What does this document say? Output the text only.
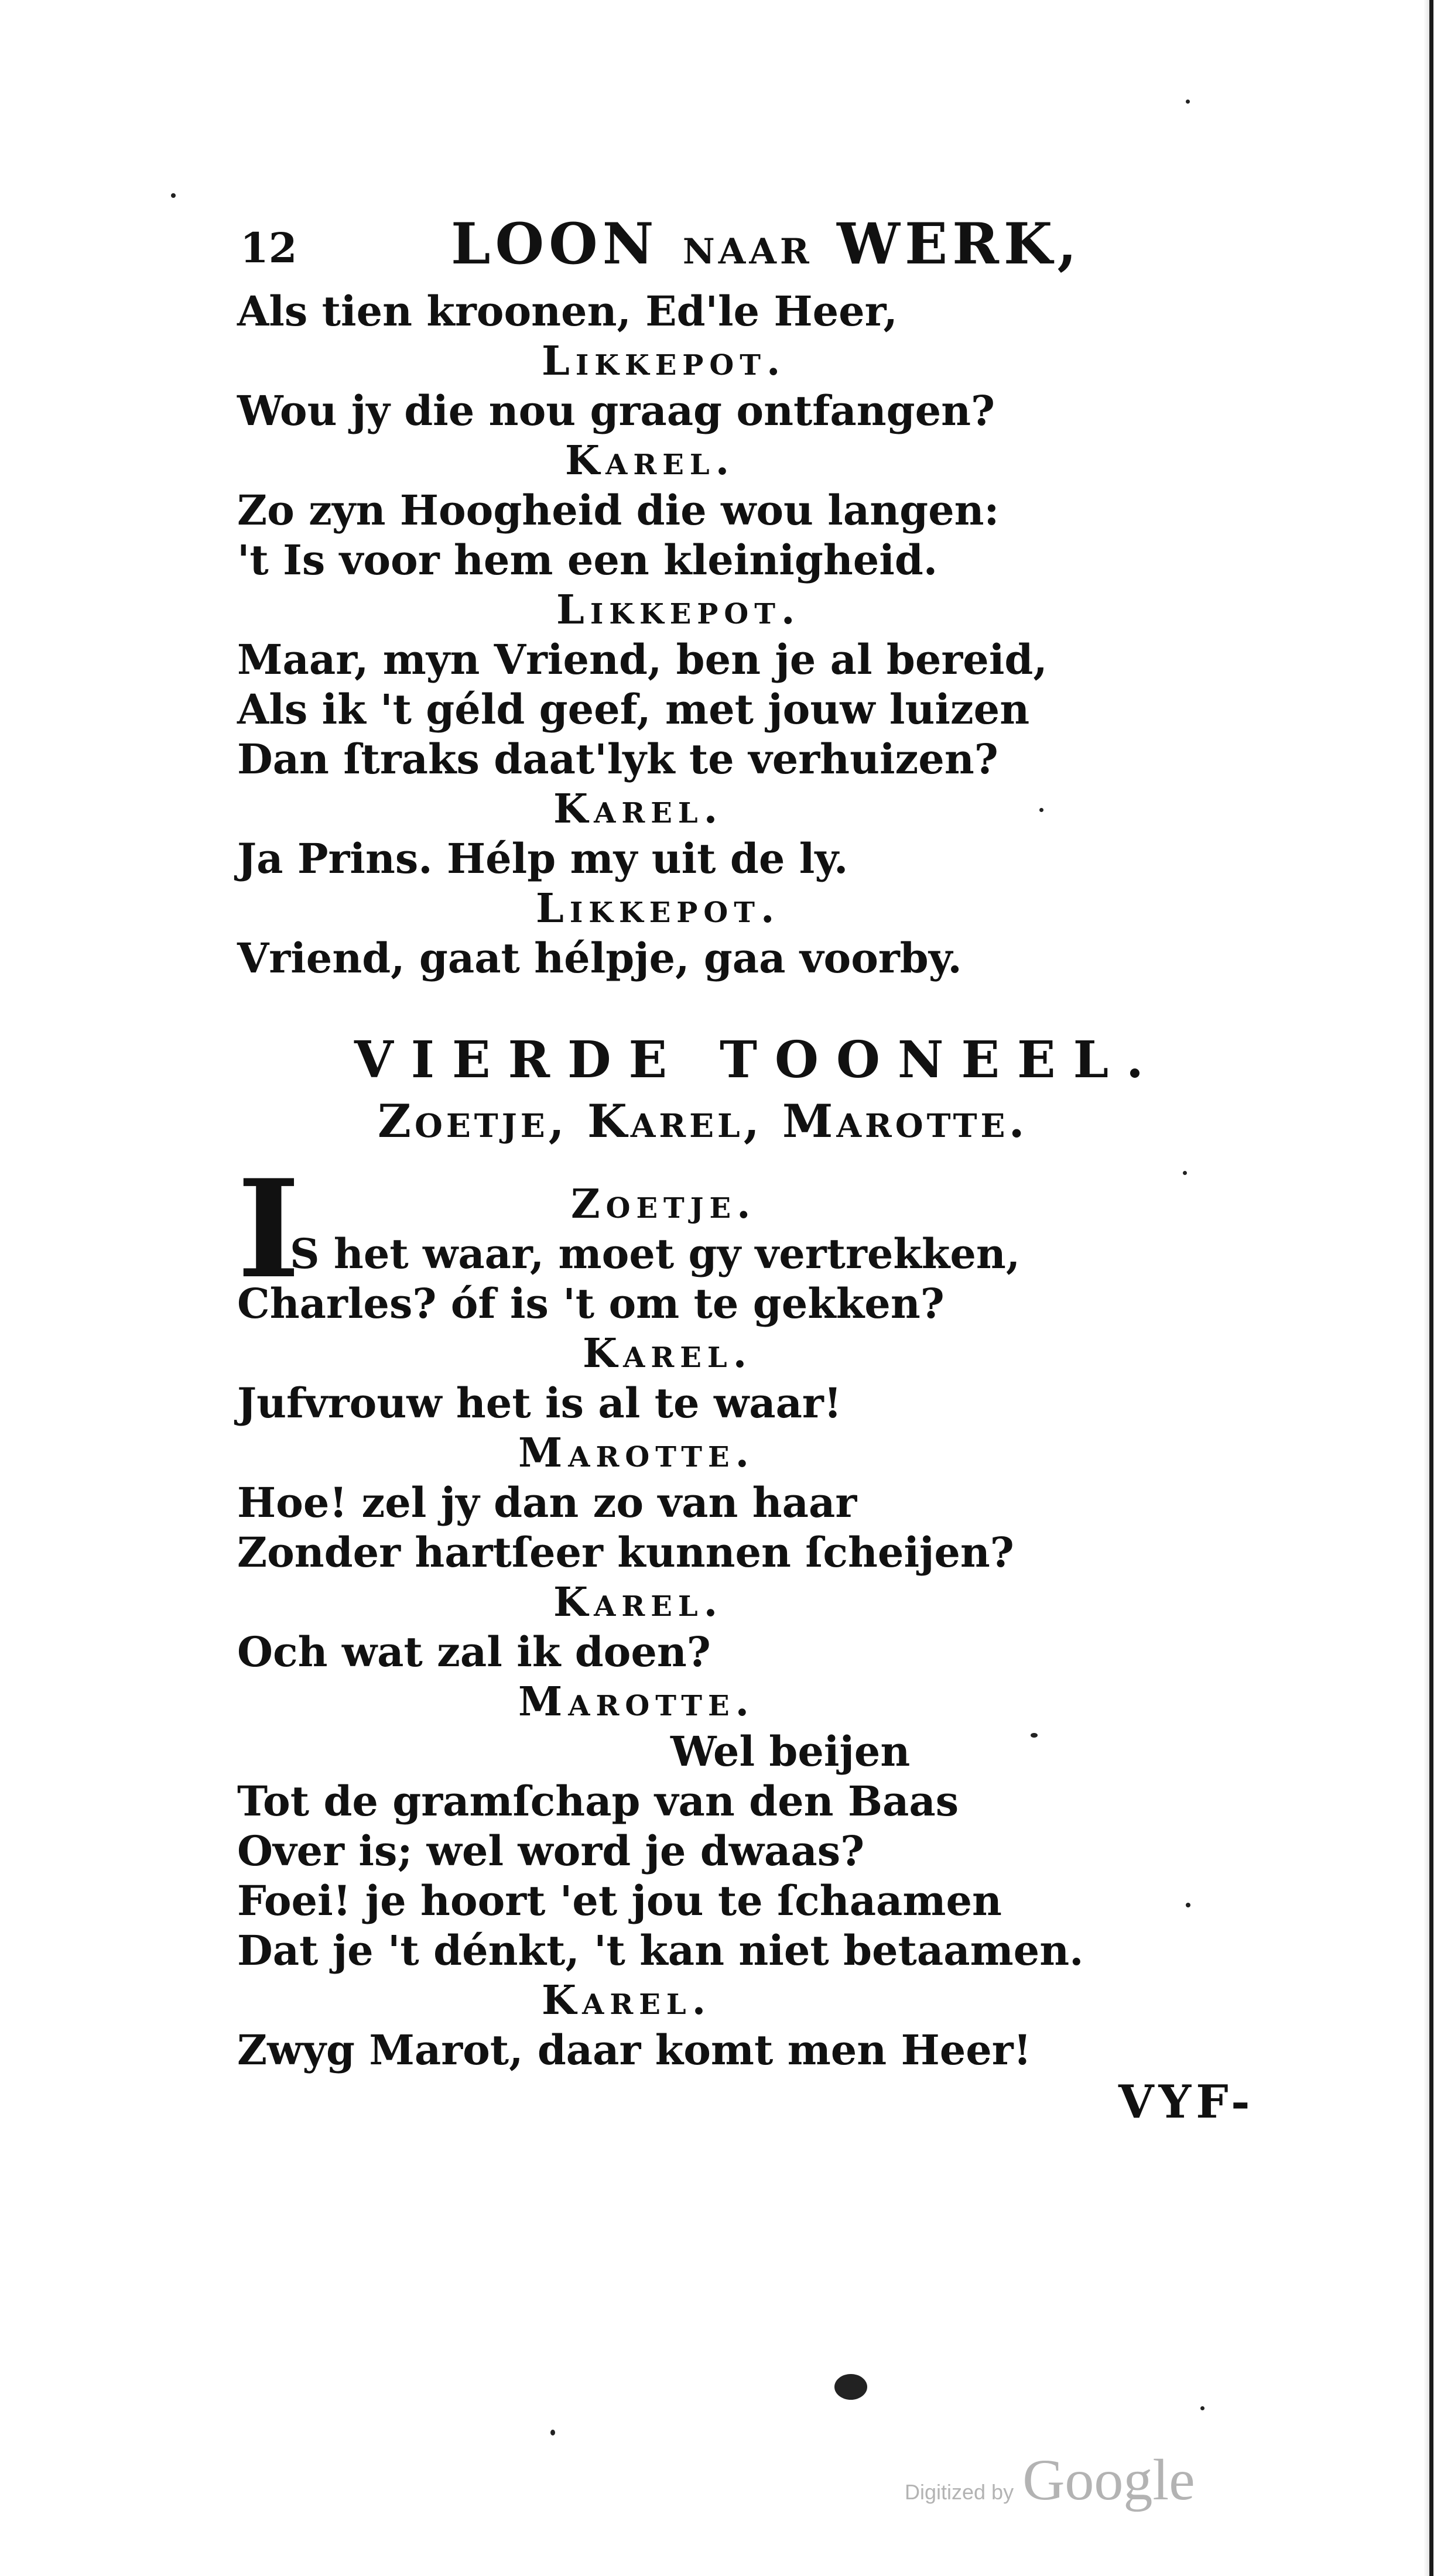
12	LOON NAAR WERK,
Als tien kroonen, Ed'le Heer,
Likkepot.
Wou jy die nou graag ontfangen?
Karel.
Zo zyn Hoogheid die wou langen:
't Is voor hem een kleinigheid.
Likkepot.
Maar, myn Vriend, ben je al bereid,
Als ik 't géld geef, met jouw luizen
Dan ſtraks daat'lyk te verhuizen?
Karel.
Ja Prins. Hélp my uit de ly.
Likkepot.
Vriend, gaat hélpje, gaa voorby.
VIERDE TOONEEL.
Zoetje, Karel, Marotte.
Zoetje.
I
S het waar, moet gy vertrekken,
Charles? óf is 't om te gekken?
Karel.
Jufvrouw het is al te waar!
Marotte.
Hoe! zel jy dan zo van haar
Zonder hartſeer kunnen ſcheijen?
Karel.
Och wat zal ik doen?
Marotte.
Wel beijen
Tot de gramſchap van den Baas
Over is; wel word je dwaas?
Foei! je hoort 'et jou te ſchaamen
Dat je 't dénkt, 't kan niet betaamen.
Karel.
Zwyg Marot, daar komt men Heer!
VYF-
Digitized by Google
